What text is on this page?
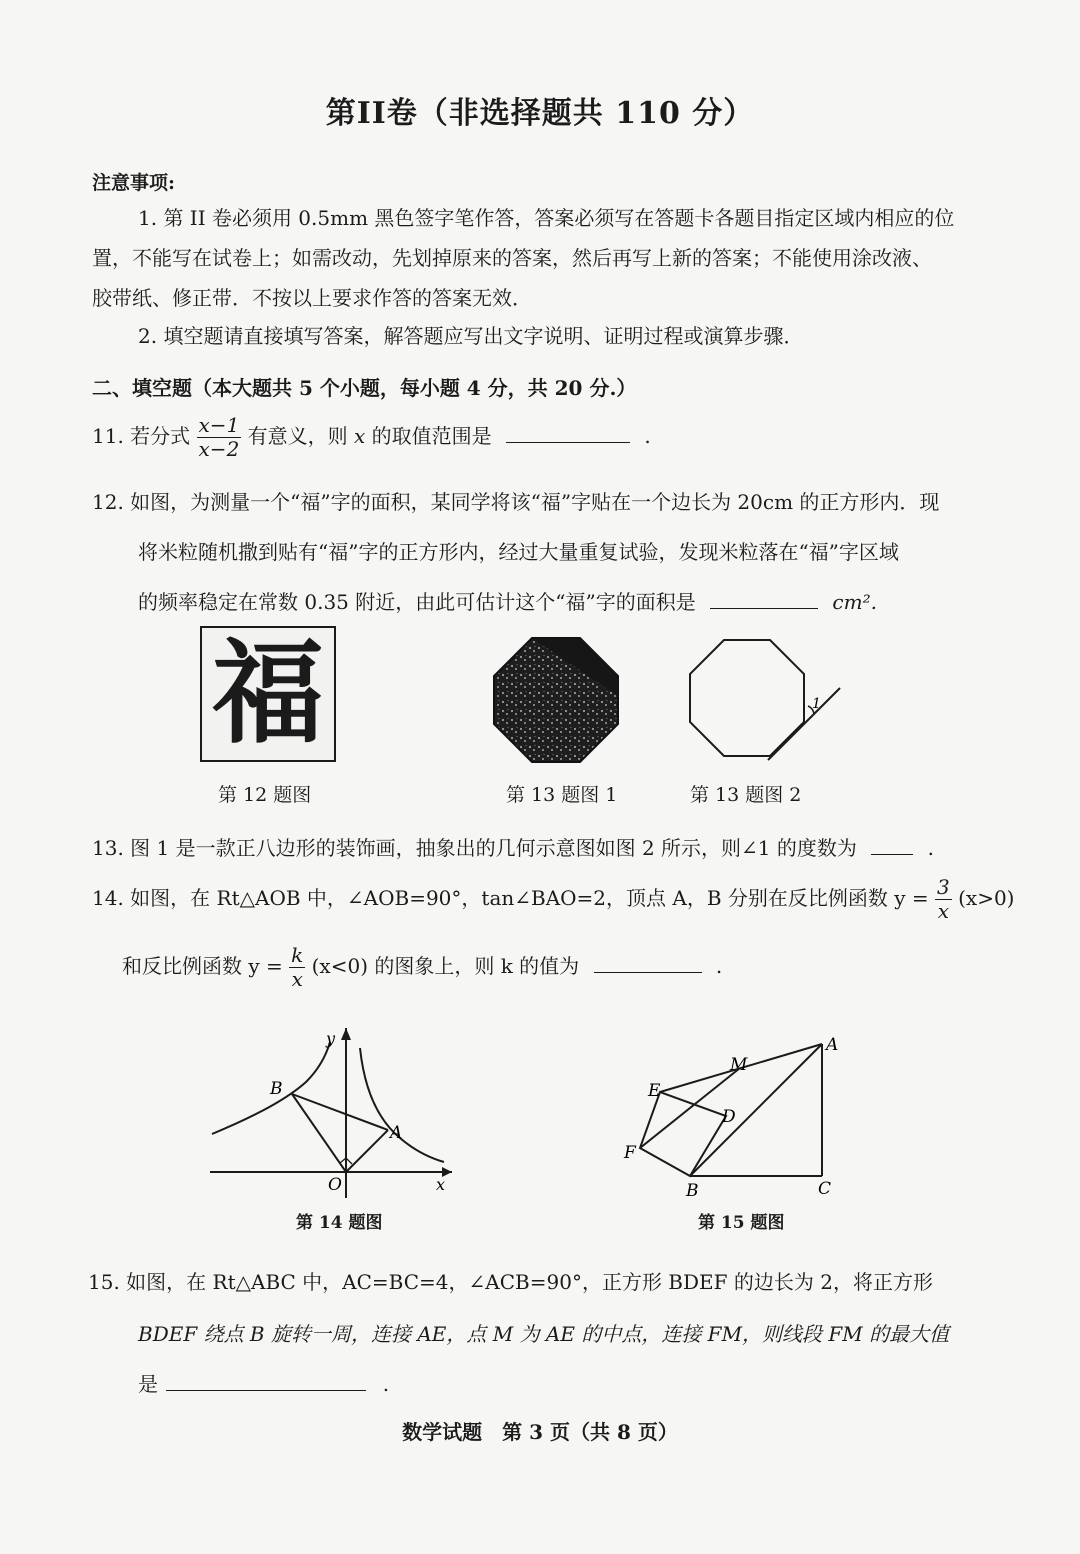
第II卷（非选择题共 110 分）
注意事项:
1. 第 II 卷必须用 0.5mm 黑色签字笔作答，答案必须写在答题卡各题目指定区域内相应的位
置，不能写在试卷上；如需改动，先划掉原来的答案，然后再写上新的答案；不能使用涂改液、
胶带纸、修正带．不按以上要求作答的答案无效．
2. 填空题请直接填写答案，解答题应写出文字说明、证明过程或演算步骤．
二、填空题（本大题共 5 个小题，每小题 4 分，共 20 分.）
11. 若分式 $\frac{x-1}{x-2}$ 有意义，则 x 的取值范围是	.
12. 如图，为测量一个“福”字的面积，某同学将该“福”字贴在一个边长为 20cm 的正方形内．现
将米粒随机撒到贴有“福”字的正方形内，经过大量重复试验，发现米粒落在“福”字区域
的频率稳定在常数 0.35 附近，由此可估计这个“福”字的面积是	cm².
福
第 12 题图	第 13 题图 1
1
第 13 题图 2
13. 图 1 是一款正八边形的装饰画，抽象出的几何示意图如图 2 所示，则∠1 的度数为	.
14. 如图，在 Rt△AOB 中，∠AOB=90°，tan∠BAO=2，顶点 A，B 分别在反比例函数 $y = \frac{3}{x} (x>0)$
和反比例函数 $y = \frac{k}{x} (x<0)$ 的图象上，则 k 的值为	.
y
x
O
A
B
第 14 题图
A
B	C
D
E
F
M
第 15 题图
15. 如图，在 Rt△ABC 中，AC=BC=4，∠ACB=90°，正方形 BDEF 的边长为 2，将正方形
BDEF 绕点 B 旋转一周，连接 AE，点 M 为 AE 的中点，连接 FM，则线段 FM 的最大值
是	.
数学试题　第 3 页（共 8 页）
